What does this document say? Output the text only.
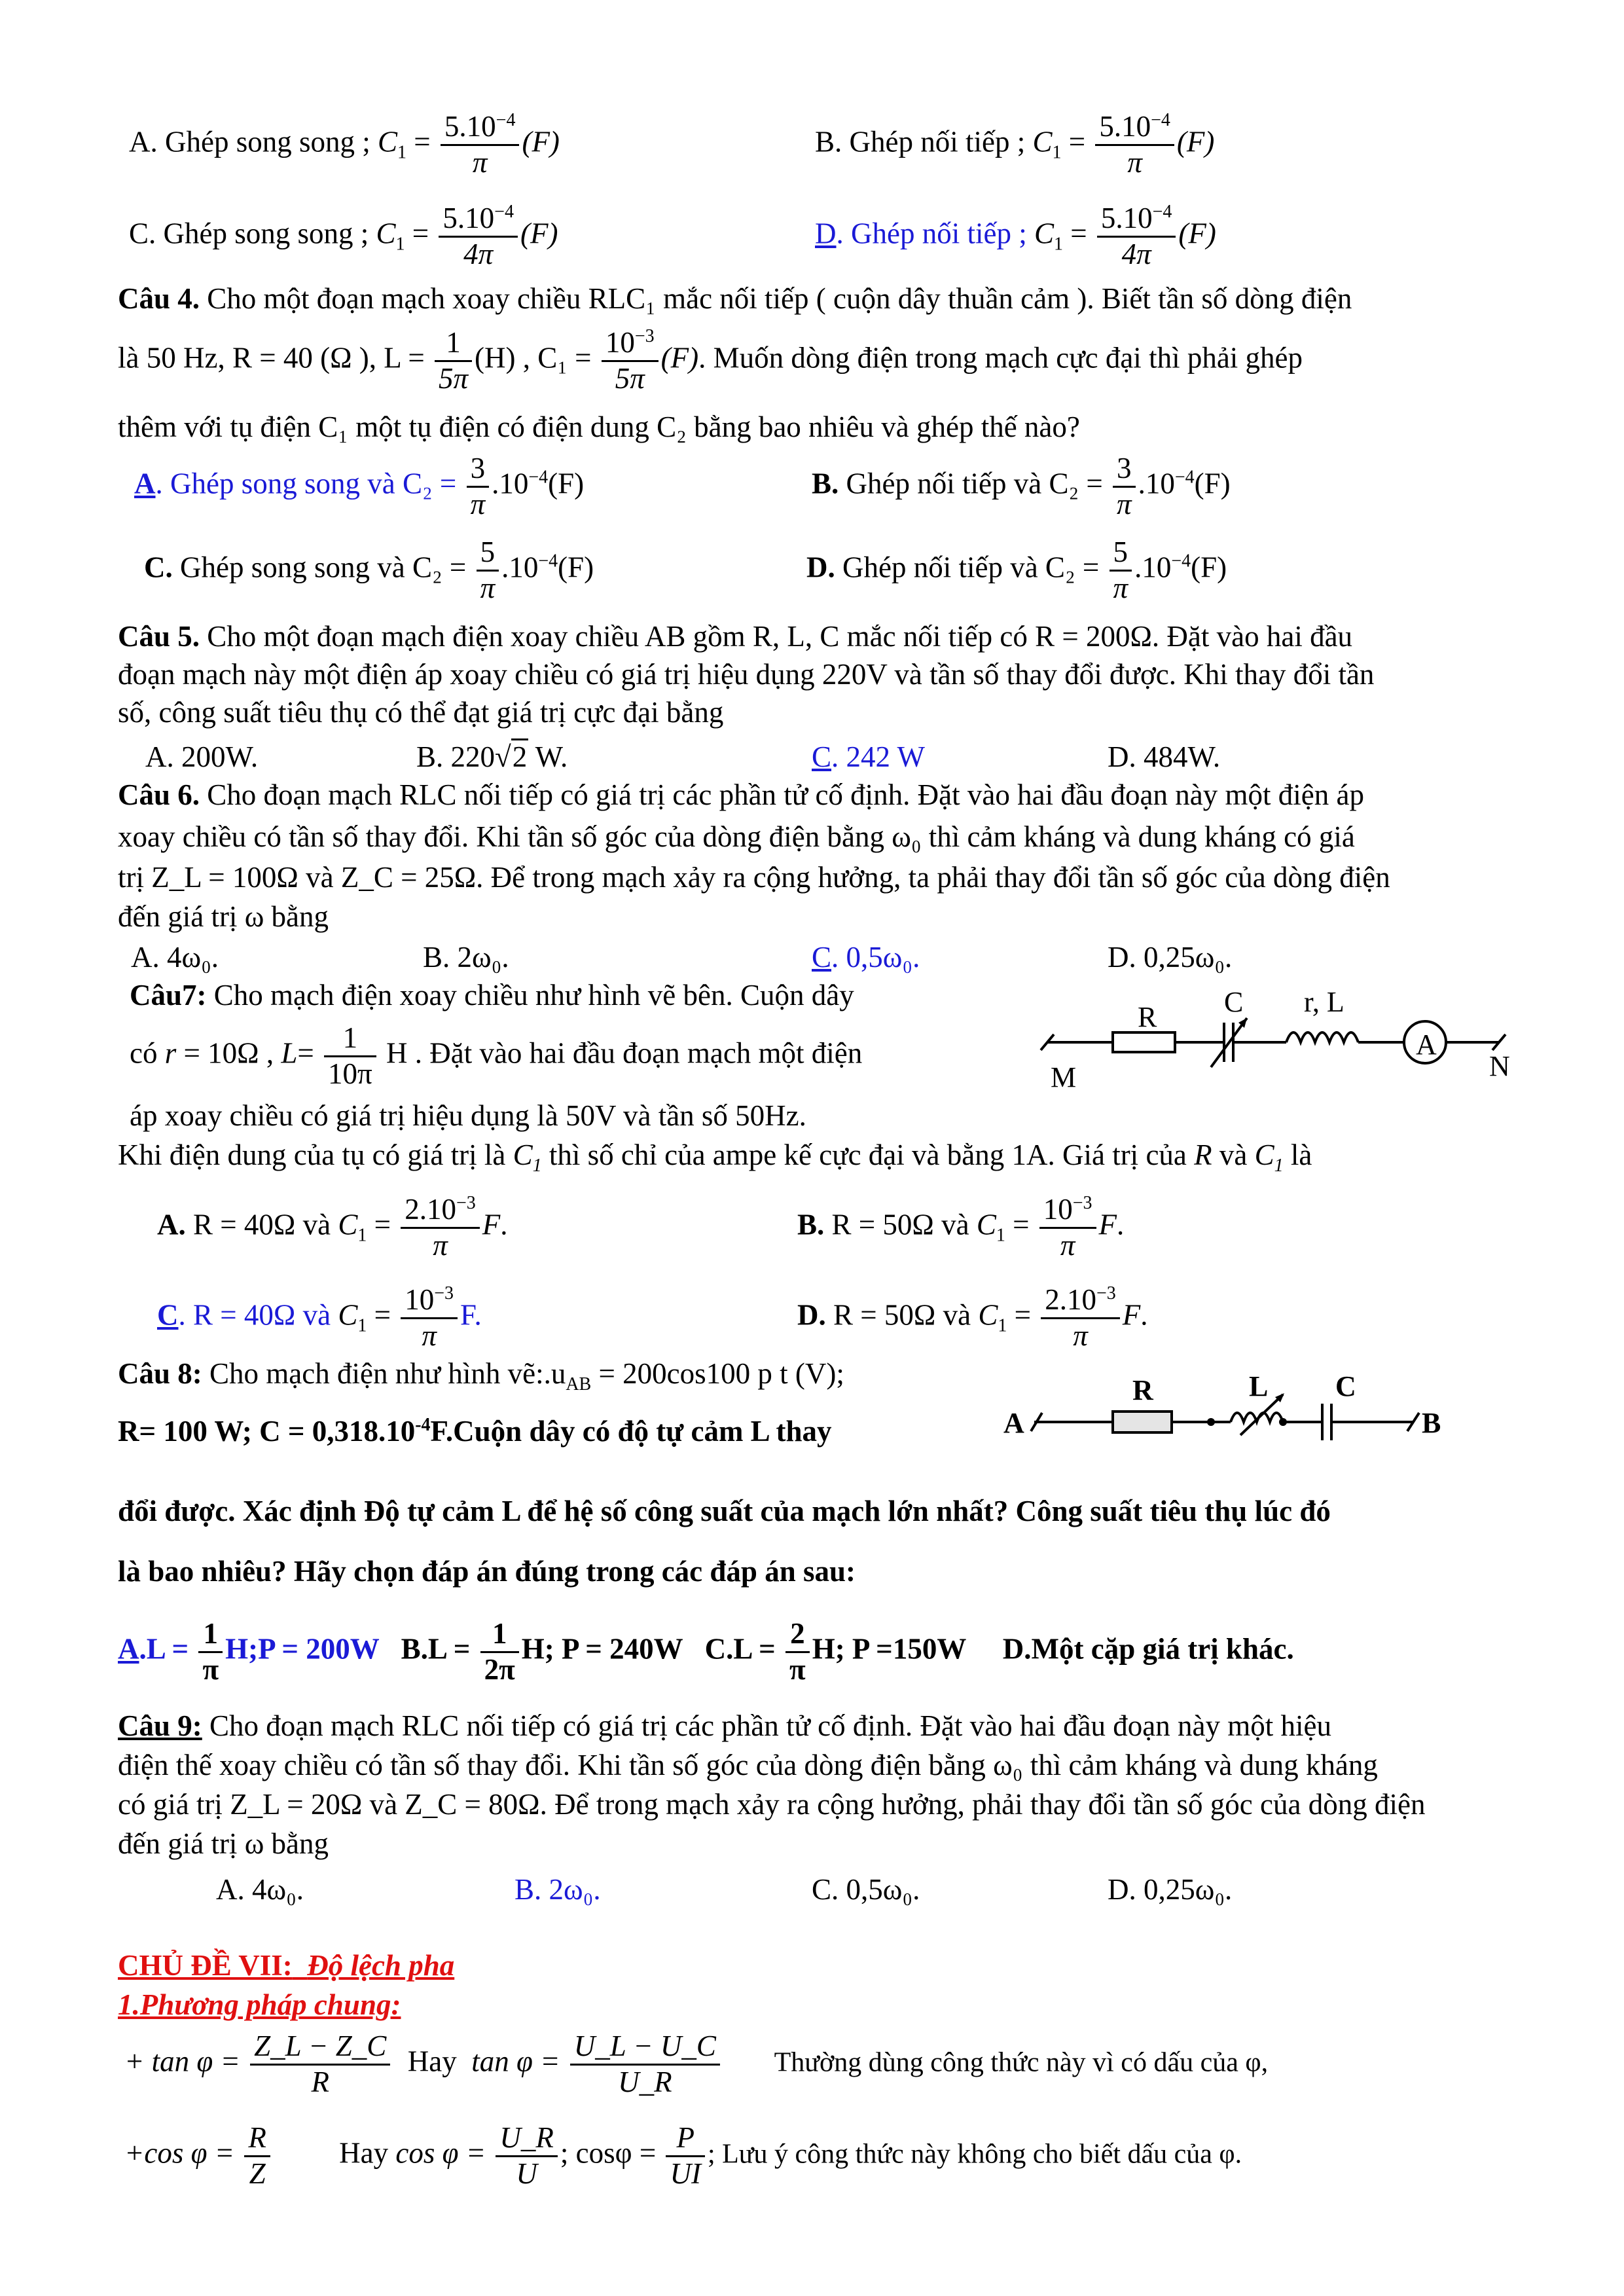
A. Ghép song song ; $C_1 = \frac{5.10^{-4}}{\pi} (F)$	B. Ghép nối tiếp ; $C_1 = \frac{5.10^{-4}}{\pi} (F)$
C. Ghép song song ; $C_1 = \frac{5.10^{-4}}{4\pi} (F)$	D. Ghép nối tiếp ; $C_1 = \frac{5.10^{-4}}{4\pi} (F)$
Câu 4. Cho một đoạn mạch xoay chiều RLC₁ mắc nối tiếp ( cuộn dây thuần cảm ). Biết tần số dòng điện
là 50 Hz, R = 40 (Ω ), $L = \frac{1}{5\pi} (H)$ , $C_1 = \frac{10^{-3}}{5\pi} (F)$. Muốn dòng điện trong mạch cực đại thì phải ghép
thêm với tụ điện C₁ một tụ điện có điện dung C₂ bằng bao nhiêu và ghép thế nào?
A. Ghép song song và $C_2 = \frac{3}{\pi} .10^{-4}(F)$	B. Ghép nối tiếp và $C_2 = \frac{3}{\pi} .10^{-4}(F)$
C. Ghép song song và $C_2 = \frac{5}{\pi} .10^{-4}(F)$	D. Ghép nối tiếp và $C_2 = \frac{5}{\pi} .10^{-4}(F)$
Câu 5. Cho một đoạn mạch điện xoay chiều AB gồm R, L, C mắc nối tiếp có R = 200Ω. Đặt vào hai đầu
đoạn mạch này một điện áp xoay chiều có giá trị hiệu dụng 220V và tần số thay đổi được. Khi thay đổi tần
số, công suất tiêu thụ có thể đạt giá trị cực đại bằng
A. 200W.	B. 220√2 W.	C. 242 W	D. 484W.
Câu 6. Cho đoạn mạch RLC nối tiếp có giá trị các phần tử cố định. Đặt vào hai đầu đoạn này một điện áp
xoay chiều có tần số thay đổi. Khi tần số góc của dòng điện bằng ω₀ thì cảm kháng và dung kháng có giá
trị Z_L = 100Ω và Z_C = 25Ω. Để trong mạch xảy ra cộng hưởng, ta phải thay đổi tần số góc của dòng điện
đến giá trị ω bằng
A. 4ω₀.	B. 2ω₀.	C. 0,5ω₀.	D. 0,25ω₀.
Câu7: Cho mạch điện xoay chiều như hình vẽ bên. Cuộn dây
có r = 10Ω , $L= \frac{1}{10\pi}$ H . Đặt vào hai đầu đoạn mạch một điện
áp xoay chiều có giá trị hiệu dụng là 50V và tần số 50Hz.
Khi điện dung của tụ có giá trị là $C_1$ thì số chỉ của ampe kế cực đại và bằng 1A. Giá trị của R và $C_1$ là
M	N
R C r, L
A
A. R = 40Ω và $C_1 = \frac{2.10^{-3}}{\pi} F$.	B. R = 50Ω và $C_1 = \frac{10^{-3}}{\pi} F$.
C. R = 40Ω và $C_1 = \frac{10^{-3}}{\pi} F$.	D. R = 50Ω và $C_1 = \frac{2.10^{-3}}{\pi} F$.
Câu 8: Cho mạch điện như hình $vẽ:.u_{AB} = 200\cos 100$ p t (V);
R= 100 W; $C = 0,318.10^{-4}F.Cuộn$ dây có độ tự cảm L thay	A	B
R	L C
đổi được. Xác định Độ tự cảm L để hệ số công suất của mạch lớn nhất? Công suất tiêu thụ lúc đó
là bao nhiêu? Hãy chọn đáp án đúng trong các đáp án sau:
$A.L = \frac{1}{\pi}$ H;P = 200W $B.L = \frac{1}{2\pi} H$; P = 240W $C.L = \frac{2}{\pi} H$; P =150W D.Một cặp giá trị khác.
Câu 9: Cho đoạn mạch RLC nối tiếp có giá trị các phần tử cố định. Đặt vào hai đầu đoạn này một hiệu
điện thế xoay chiều có tần số thay đổi. Khi tần số góc của dòng điện bằng ω₀ thì cảm kháng và dung kháng
có giá trị Z_L = 20Ω và Z_C = 80Ω. Để trong mạch xảy ra cộng hưởng, phải thay đổi tần số góc của dòng điện
đến giá trị ω bằng
A. 4ω₀.	B. 2ω₀.	C. 0,5ω₀.	D. 0,25ω₀.
CHỦ ĐỀ VII: Độ lệch pha
1.Phương pháp chung:
+ $\tan \varphi = \frac{Z\_L - Z\_C}{R}$ Hay $\tan \varphi = \frac{U\_L - U\_C}{U\_R}$ Thường dùng công thức này vì có dấu của φ,
+cos $\varphi = \frac{R}{Z}$ Hay $\cos \varphi = \frac{U\_R}{U}$ ; $\cos\varphi = \frac{P}{UI}$ ; Lưu ý công thức này không cho biết dấu của φ.
